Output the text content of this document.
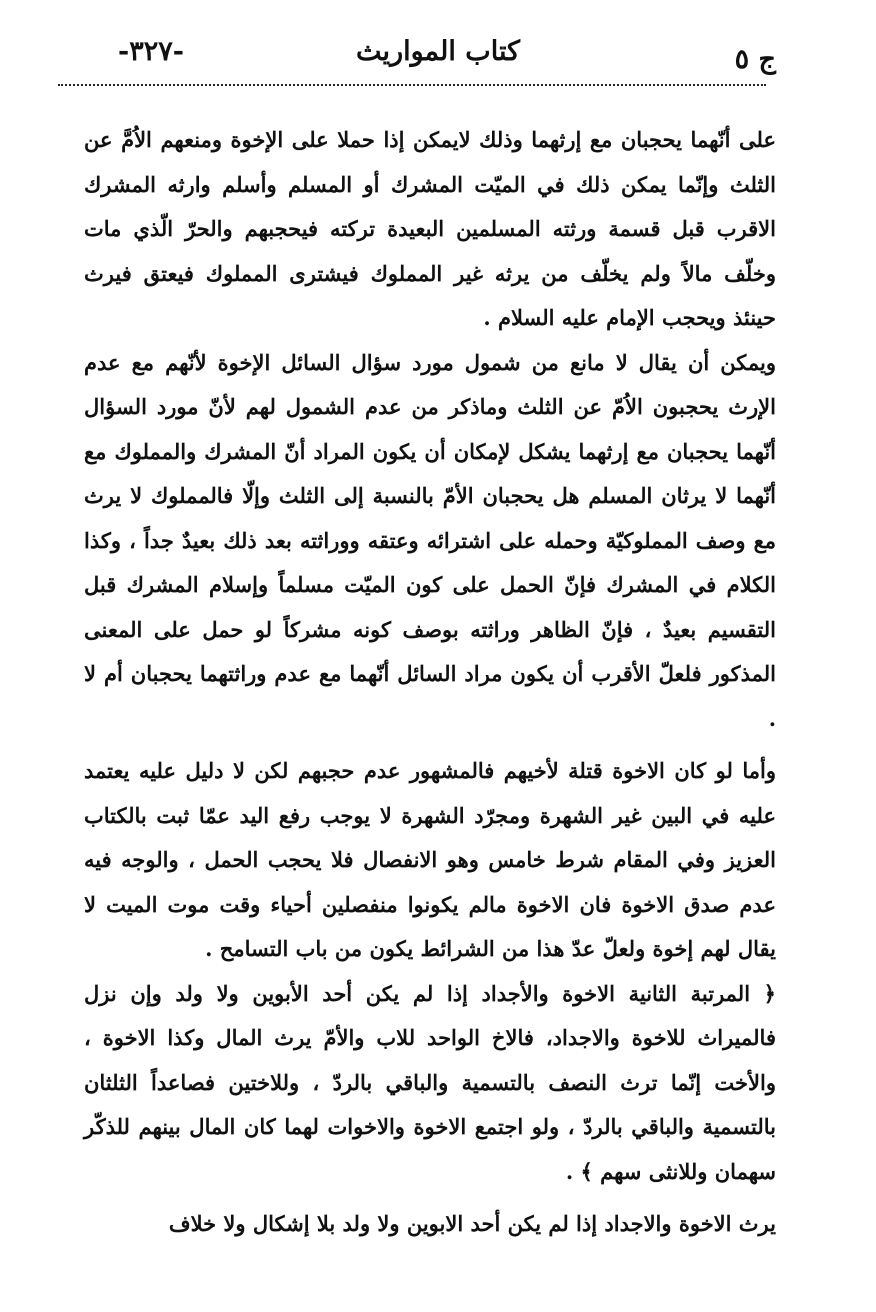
ج ٥
كتاب المواريث
-٣٢٧-

على أنّهما يحجبان مع إرثهما وذلك لايمكن إذا حملا على الإخوة ومنعهم الاُمَّ عن الثلث وإنّما يمكن ذلك في الميّت المشرك أو المسلم وأسلم وارثه المشرك الاقرب قبل قسمة ورثته المسلمين البعيدة تركته فيحجبهم والحرّ الّذي مات وخلّف مالاً ولم يخلّف من يرثه غير المملوك فيشترى المملوك فيعتق فيرث حينئذ ويحجب الإمام عليه السلام .

ويمكن أن يقال لا مانع من شمول مورد سؤال السائل الإخوة لأنّهم مع عدم الإرث يحجبون الاُمّ عن الثلث وماذكر من عدم الشمول لهم لأنّ مورد السؤال أنّهما يحجبان مع إرثهما يشكل لإمكان أن يكون المراد أنّ المشرك والمملوك مع أنّهما لا يرثان المسلم هل يحجبان الأمّ بالنسبة إلى الثلث وإلّا فالمملوك لا يرث مع وصف المملوكيّة وحمله على اشترائه وعتقه ووراثته بعد ذلك بعيدٌ جداً ، وكذا الكلام في المشرك فإنّ الحمل على كون الميّت مسلماً وإسلام المشرك قبل التقسيم بعيدٌ ، فإنّ الظاهر وراثته بوصف كونه مشركاً لو حمل على المعنى المذكور فلعلّ الأقرب أن يكون مراد السائل أنّهما مع عدم وراثتهما يحجبان أم لا .

وأما لو كان الاخوة قتلة لأخيهم فالمشهور عدم حجبهم لكن لا دليل عليه يعتمد عليه في البين غير الشهرة ومجرّد الشهرة لا يوجب رفع اليد عمّا ثبت بالكتاب العزيز وفي المقام شرط خامس وهو الانفصال فلا يحجب الحمل ، والوجه فيه عدم صدق الاخوة فان الاخوة مالم يكونوا منفصلين أحياء وقت موت الميت لا يقال لهم إخوة ولعلّ عدّ هذا من الشرائط يكون من باب التسامح .

﴿ المرتبة الثانية الاخوة والأجداد إذا لم يكن أحد الأبوين ولا ولد وإن نزل فالميراث للاخوة والاجداد، فالاخ الواحد للاب والأمّ يرث المال وكذا الاخوة ، والأخت إنّما ترث النصف بالتسمية والباقي بالردّ ، وللاختين فصاعداً الثلثان بالتسمية والباقي بالردّ ، ولو اجتمع الاخوة والاخوات لهما كان المال بينهم للذكّر سهمان وللانثى سهم ﴾ .

يرث الاخوة والاجداد إذا لم يكن أحد الابوين ولا ولد بلا إشكال ولا خلاف
